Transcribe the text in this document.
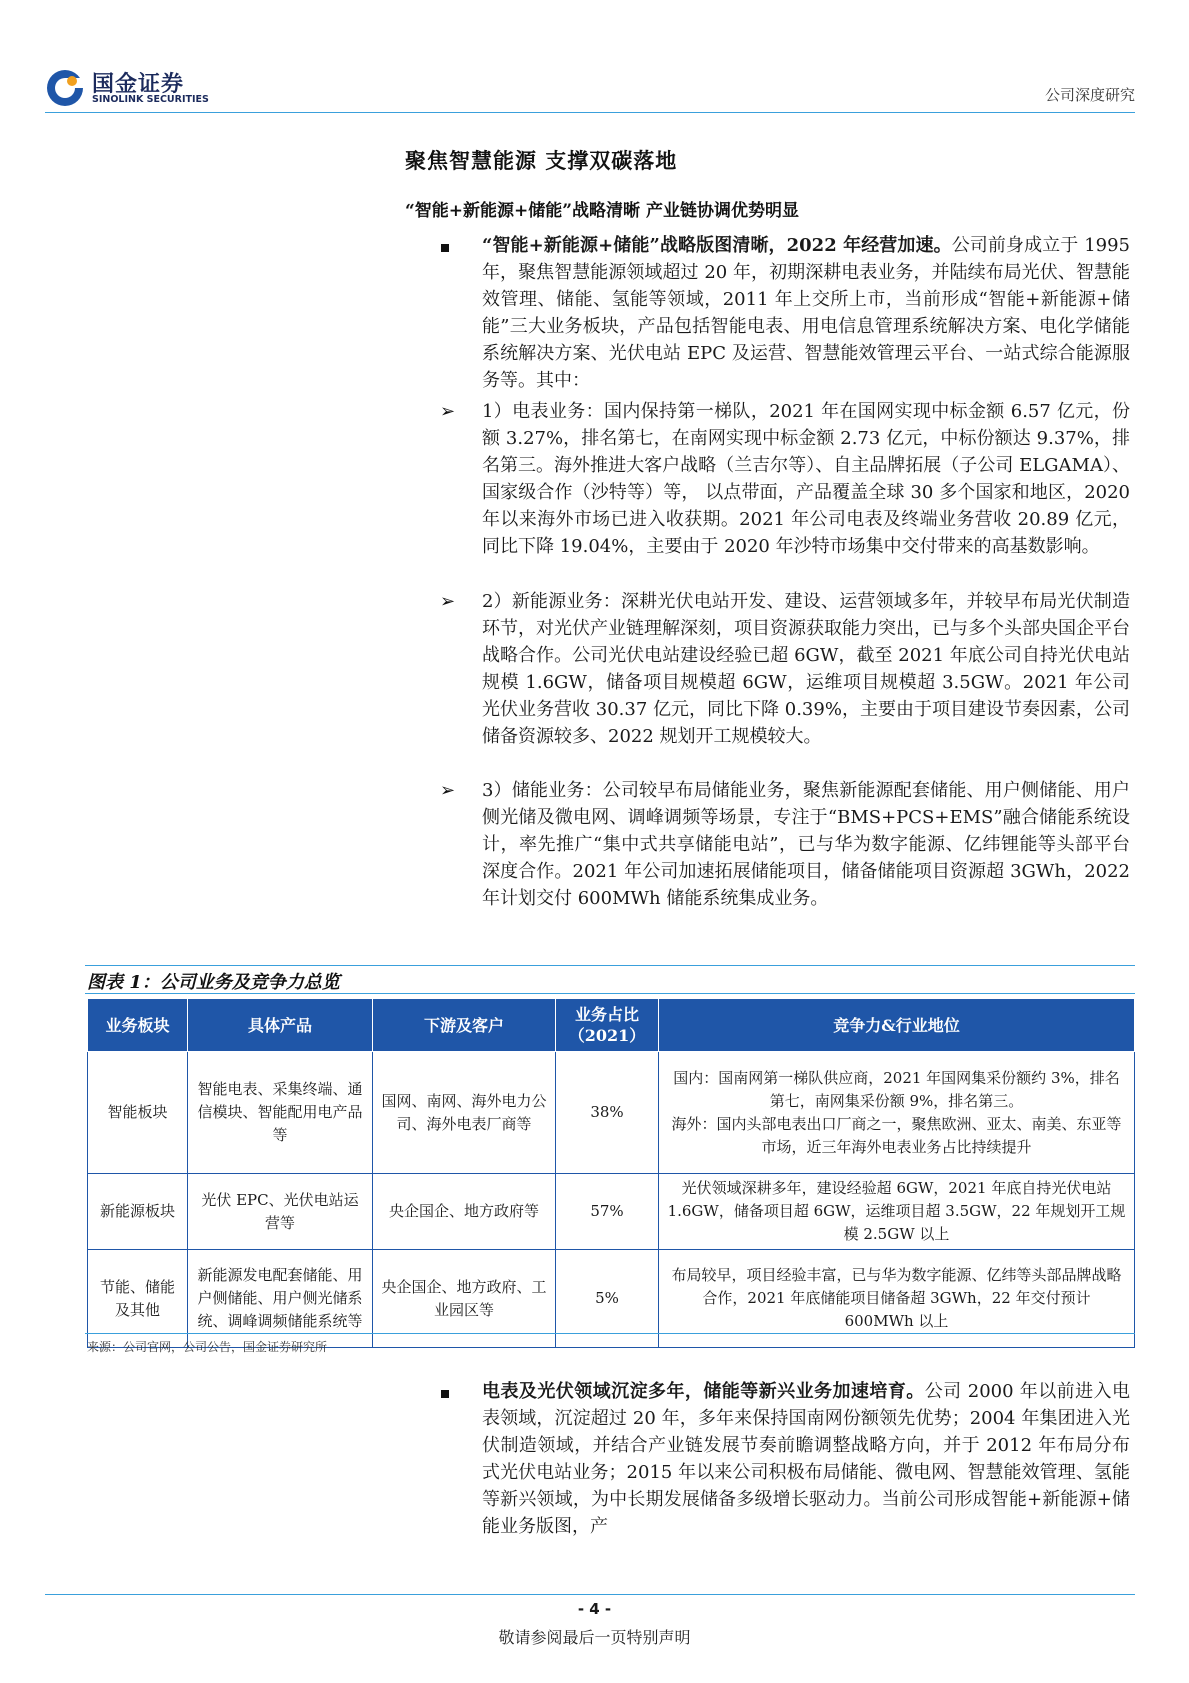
国金证券
SINOLINK SECURITIES	公司深度研究
聚焦智慧能源 支撑双碳落地
“智能+新能源+储能”战略清晰 产业链协调优势明显
“智能+新能源+储能”战略版图清晰，2022 年经营加速。公司前身成立于 1995 年，聚焦智慧能源领域超过 20 年，初期深耕电表业务，并陆续布局光伏、智慧能效管理、储能、氢能等领域，2011 年上交所上市，当前形成“智能+新能源+储能”三大业务板块，产品包括智能电表、用电信息管理系统解决方案、电化学储能系统解决方案、光伏电站 EPC 及运营、智慧能效管理云平台、一站式综合能源服务等。其中：
➢ 1）电表业务：国内保持第一梯队，2021 年在国网实现中标金额 6.57 亿元，份额 3.27%，排名第七，在南网实现中标金额 2.73 亿元，中标份额达 9.37%，排名第三。海外推进大客户战略（兰吉尔等）、自主品牌拓展（子公司 ELGAMA）、国家级合作（沙特等）等， 以点带面，产品覆盖全球 30 多个国家和地区，2020 年以来海外市场已进入收获期。2021 年公司电表及终端业务营收 20.89 亿元，同比下降 19.04%，主要由于 2020 年沙特市场集中交付带来的高基数影响。
➢ 2）新能源业务：深耕光伏电站开发、建设、运营领域多年，并较早布局光伏制造环节，对光伏产业链理解深刻，项目资源获取能力突出，已与多个头部央国企平台战略合作。公司光伏电站建设经验已超 6GW，截至 2021 年底公司自持光伏电站规模 1.6GW，储备项目规模超 6GW，运维项目规模超 3.5GW。2021 年公司光伏业务营收 30.37 亿元，同比下降 0.39%，主要由于项目建设节奏因素，公司储备资源较多、2022 规划开工规模较大。
➢ 3）储能业务：公司较早布局储能业务，聚焦新能源配套储能、用户侧储能、用户侧光储及微电网、调峰调频等场景，专注于“BMS+PCS+EMS”融合储能系统设计，率先推广“集中式共享储能电站”，已与华为数字能源、亿纬锂能等头部平台深度合作。2021 年公司加速拓展储能项目，储备储能项目资源超 3GWh，2022 年计划交付 600MWh 储能系统集成业务。
图表 1：公司业务及竞争力总览
业务板块	具体产品	下游及客户	业务占比（2021）	竞争力&行业地位
智能板块	智能电表、采集终端、通信模块、智能配用电产品等	国网、南网、海外电力公司、海外电表厂商等	38%	国内：国南网第一梯队供应商，2021 年国网集采份额约 3%，排名第七，南网集采份额 9%，排名第三。
海外：国内头部电表出口厂商之一，聚焦欧洲、亚太、南美、东亚等市场，近三年海外电表业务占比持续提升

新能源板块	光伏 EPC、光伏电站运营等	央企国企、地方政府等	57%	光伏领域深耕多年，建设经验超 6GW，2021 年底自持光伏电站 1.6GW，储备项目超 6GW，运维项目超 3.5GW，22 年规划开工规模 2.5GW 以上
节能、储能及其他	新能源发电配套储能、用户侧储能、用户侧光储系统、调峰调频储能系统等	央企国企、地方政府、工业园区等	5%	布局较早，项目经验丰富，已与华为数字能源、亿纬等头部品牌战略合作，2021 年底储能项目储备超 3GWh，22 年交付预计 600MWh 以上
来源：公司官网，公司公告，国金证券研究所
电表及光伏领域沉淀多年，储能等新兴业务加速培育。公司 2000 年以前进入电表领域，沉淀超过 20 年，多年来保持国南网份额领先优势；2004 年集团进入光伏制造领域，并结合产业链发展节奏前瞻调整战略方向，并于 2012 年布局分布式光伏电站业务；2015 年以来公司积极布局储能、微电网、智慧能效管理、氢能等新兴领域，为中长期发展储备多级增长驱动力。当前公司形成智能+新能源+储能业务版图，产
- 4 -
敬请参阅最后一页特别声明
